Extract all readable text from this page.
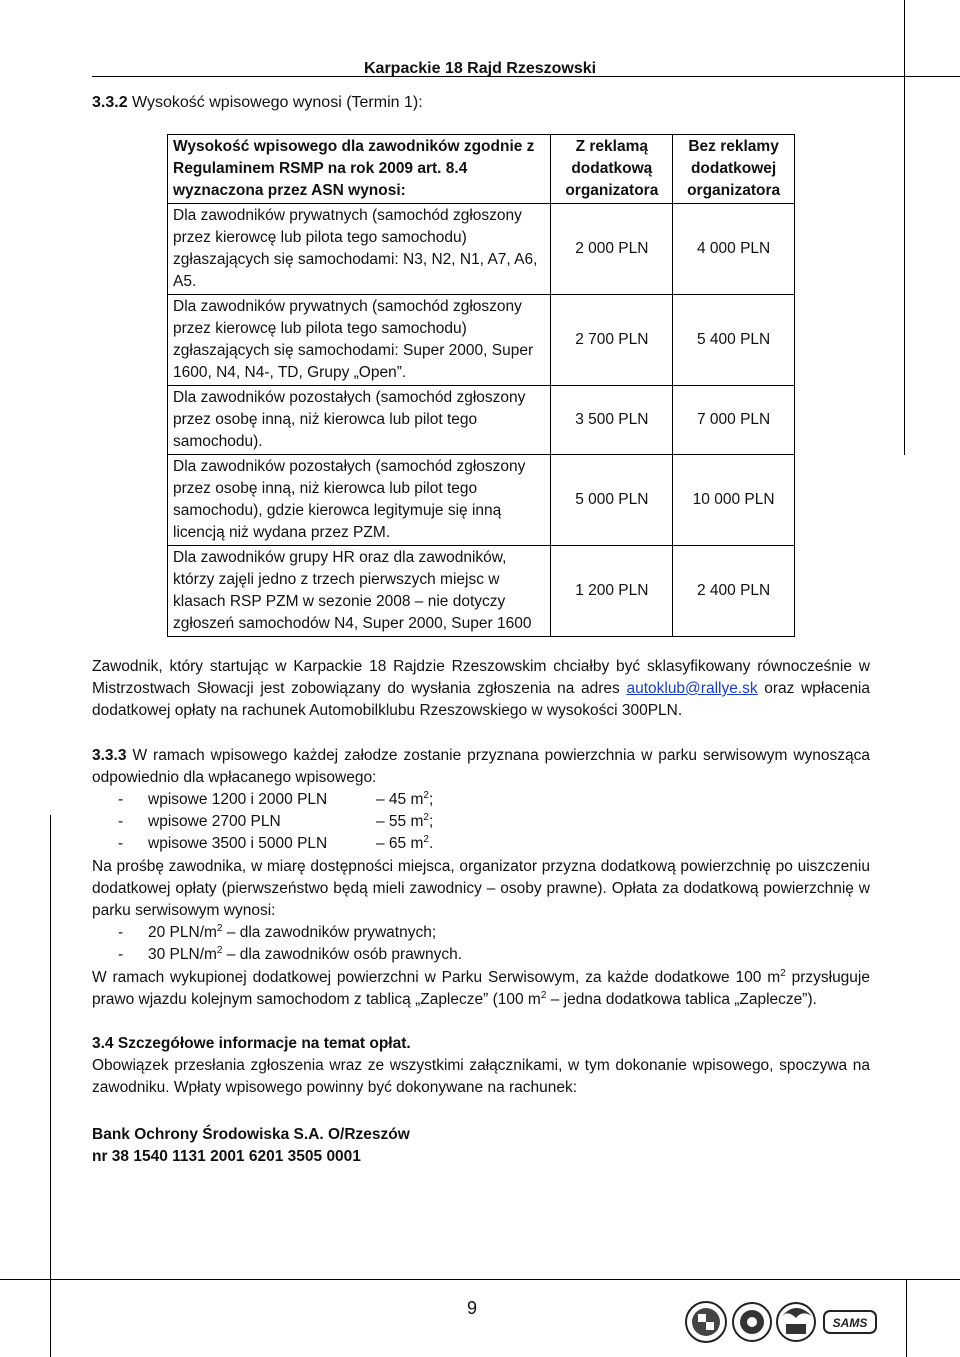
Karpackie 18 Rajd Rzeszowski
3.3.2 Wysokość wpisowego wynosi (Termin 1):
Wysokość wpisowego dla zawodników zgodnie z Regulaminem RSMP na rok 2009 art. 8.4 wyznaczona przez ASN wynosi:	Z reklamą dodatkową organizatora	Bez reklamy dodatkowej organizatora
Dla zawodników prywatnych (samochód zgłoszony przez kierowcę lub pilota tego samochodu) zgłaszających się samochodami: N3, N2, N1, A7, A6, A5.	2 000 PLN	4 000 PLN
Dla zawodników prywatnych (samochód zgłoszony przez kierowcę lub pilota tego samochodu) zgłaszających się samochodami: Super 2000, Super 1600, N4, N4-, TD, Grupy „Open”.	2 700 PLN	5 400 PLN
Dla zawodników pozostałych (samochód zgłoszony przez osobę inną, niż kierowca lub pilot tego samochodu).	3 500 PLN	7 000 PLN
Dla zawodników pozostałych (samochód zgłoszony przez osobę inną, niż kierowca lub pilot tego samochodu), gdzie kierowca legitymuje się inną licencją niż wydana przez PZM.	5 000 PLN	10 000 PLN
Dla zawodników grupy HR oraz dla zawodników, którzy zajęli jedno z trzech pierwszych miejsc w klasach RSP PZM w sezonie 2008 – nie dotyczy zgłoszeń samochodów N4, Super 2000, Super 1600	1 200 PLN	2 400 PLN
Zawodnik, który startując w Karpackie 18 Rajdzie Rzeszowskim chciałby być sklasyfikowany równocześnie w Mistrzostwach Słowacji jest zobowiązany do wysłania zgłoszenia na adres autoklub@rallye.sk oraz wpłacenia dodatkowej opłaty na rachunek Automobilklubu Rzeszowskiego w wysokości 300PLN.
3.3.3 W ramach wpisowego każdej załodze zostanie przyznana powierzchnia w parku serwisowym wynosząca odpowiednio dla wpłacanego wpisowego:
- wpisowe 1200 i 2000 PLN	– 45 $m^2$;
- wpisowe 2700 PLN	– 55 $m^2$;
- wpisowe 3500 i 5000 PLN	– 65 $m^2$.
Na prośbę zawodnika, w miarę dostępności miejsca, organizator przyzna dodatkową powierzchnię po uiszczeniu dodatkowej opłaty (pierwszeństwo będą mieli zawodnicy – osoby prawne). Opłata za dodatkową powierzchnię w parku serwisowym wynosi:
- 20 PLN/$m^2$ – dla zawodników prywatnych;
- 30 PLN/$m^2$ – dla zawodników osób prawnych.
W ramach wykupionej dodatkowej powierzchni w Parku Serwisowym, za każde dodatkowe 100 $m^2$ przysługuje prawo wjazdu kolejnym samochodom z tablicą „Zaplecze” (100 $m^2$ – jedna dodatkowa tablica „Zaplecze”).
3.4 Szczegółowe informacje na temat opłat.
Obowiązek przesłania zgłoszenia wraz ze wszystkimi załącznikami, w tym dokonanie wpisowego, spoczywa na zawodniku. Wpłaty wpisowego powinny być dokonywane na rachunek:
Bank Ochrony Środowiska S.A. O/Rzeszów
nr 38 1540 1131 2001 6201 3505 0001
9
SAMS
